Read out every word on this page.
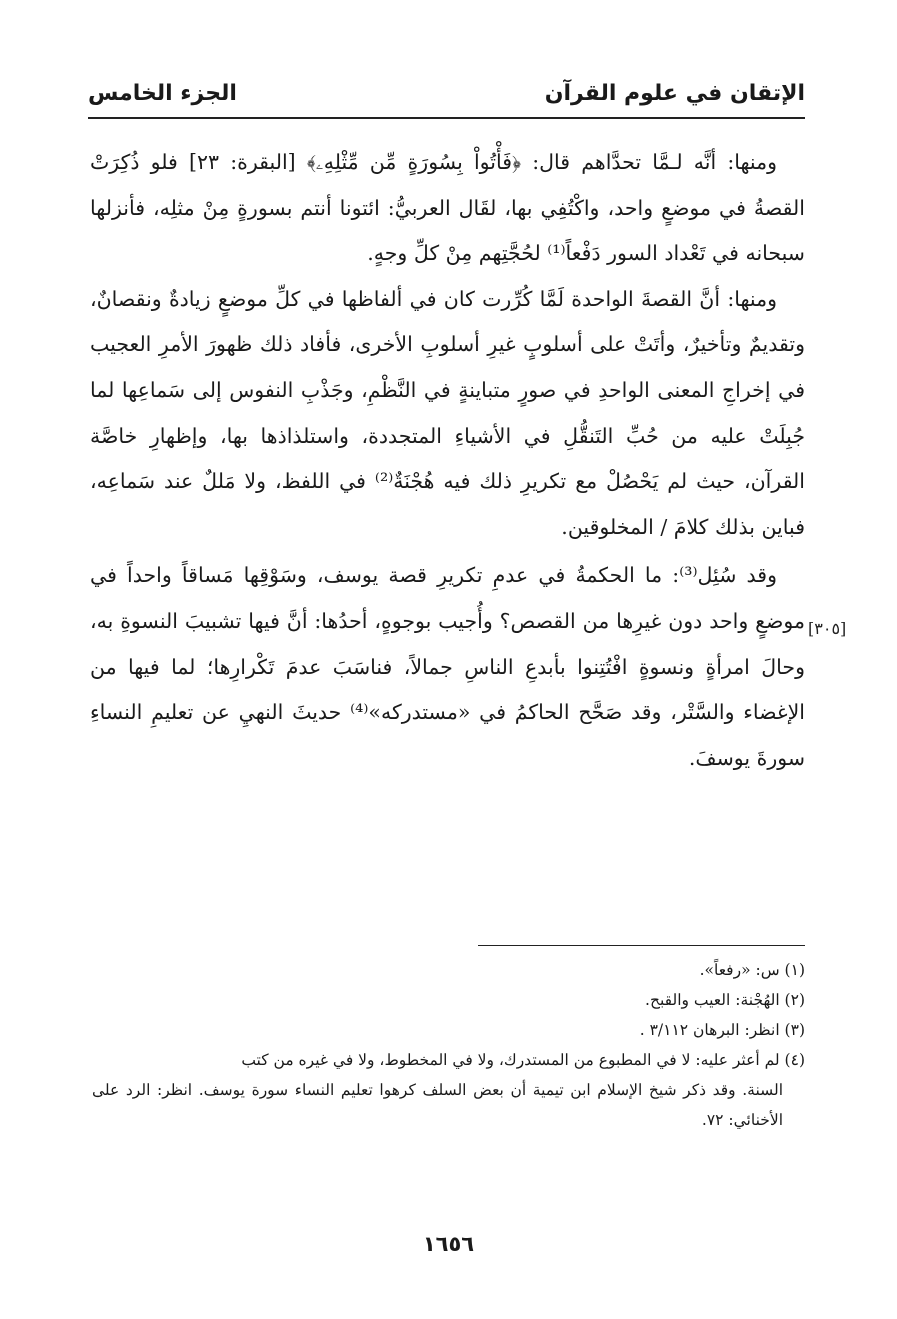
الإتقان في علوم القرآن
الجزء الخامس

ومنها: أنَّه لـمَّا تحدَّاهم قال: ﴿فَأْتُواْ بِسُورَةٍ مِّن مِّثْلِهِۦ﴾ [البقرة: ٢٣] فلو ذُكِرَتْ القصةُ في موضعٍ واحد، واكْتُفِي بها، لقَال العربيُّ: ائتونا أنتم بسورةٍ مِنْ مثلِه، فأنزلها سبحانه في تَعْداد السور دَفْعاً⁽¹⁾ لحُجَّتِهم مِنْ كلِّ وجهٍ.

ومنها: أنَّ القصةَ الواحدة لَمَّا كُرِّرت كان في ألفاظها في كلِّ موضعٍ زيادةٌ ونقصانٌ، وتقديمٌ وتأخيرٌ، وأتَتْ على أسلوبٍ غيرِ أسلوبِ الأخرى، فأفاد ذلك ظهورَ الأمرِ العجيب في إخراجِ المعنى الواحدِ في صورٍ متباينةٍ في النَّظْمِ، وجَذْبِ النفوس إلى سَماعِها لما جُبِلَتْ عليه من حُبِّ التَنقُّلِ في الأشياءِ المتجددة، واستلذاذها بها، وإظهارِ خاصَّة القرآن، حيث لم يَحْصُلْ مع تكريرِ ذلك فيه هُجْنَةٌ⁽²⁾ في اللفظ، ولا مَللٌ عند سَماعِه، فباين بذلك كلامَ / المخلوقين.

وقد سُئِل⁽³⁾: ما الحكمةُ في عدمِ تكريرِ قصة يوسف، وسَوْقِها مَساقاً واحداً في موضعٍ واحد دون غيرِها من القصص؟ وأُجيب بوجوهٍ، أحدُها: أنَّ فيها تشبيبَ النسوةِ به، وحالَ امرأةٍ ونسوةٍ افْتُتِنوا بأبدعِ الناسِ جمالاً، فناسَبَ عدمَ تَكْرارِها؛ لما فيها من الإغضاء والسَّتْر، وقد صَحَّح الحاكمُ في «مستدركه»⁽⁴⁾ حديثَ النهيِ عن تعليمِ النساءِ سورةَ يوسفَ.

[٣٠٥]

(١) س: «رفعاً».

(٢) الهُجْنة: العيب والقبح.

(٣) انظر: البرهان ٣/١١٢ .

(٤) لم أعثر عليه: لا في المطبوع من المستدرك، ولا في المخطوط، ولا في غيره من كتب

السنة. وقد ذكر شيخ الإسلام ابن تيمية أن بعض السلف كرهوا تعليم النساء سورة يوسف. انظر: الرد على الأخنائي: ٧٢.

١٦٥٦
